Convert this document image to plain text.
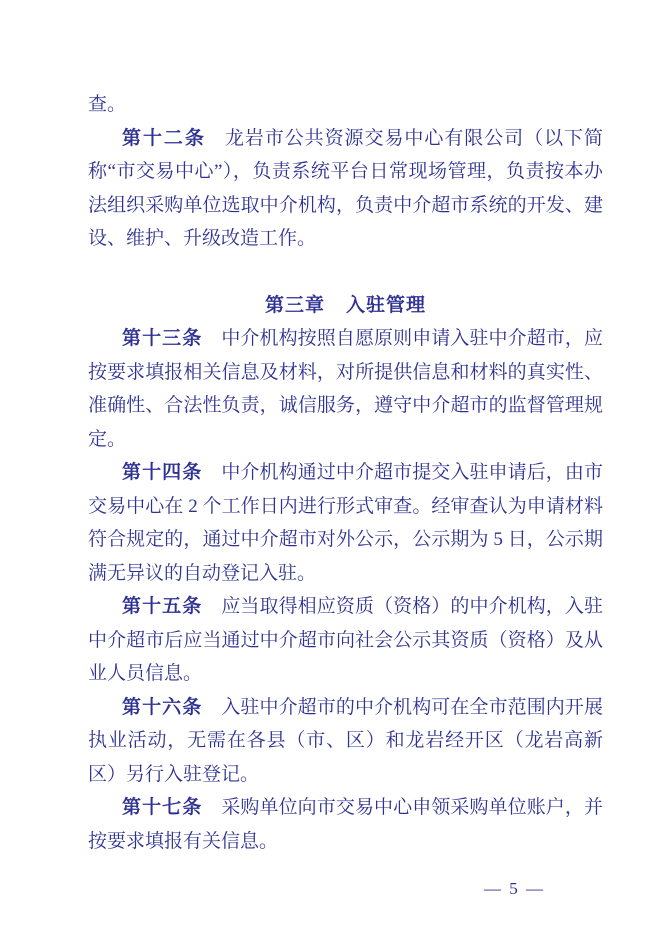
查。

第十二条 龙岩市公共资源交易中心有限公司（以下简称“市交易中心”），负责系统平台日常现场管理，负责按本办法组织采购单位选取中介机构，负责中介超市系统的开发、建设、维护、升级改造工作。

第三章 入驻管理

第十三条 中介机构按照自愿原则申请入驻中介超市，应按要求填报相关信息及材料，对所提供信息和材料的真实性、准确性、合法性负责，诚信服务，遵守中介超市的监督管理规定。

第十四条 中介机构通过中介超市提交入驻申请后，由市交易中心在 2 个工作日内进行形式审查。经审查认为申请材料符合规定的，通过中介超市对外公示，公示期为 5 日，公示期满无异议的自动登记入驻。

第十五条 应当取得相应资质（资格）的中介机构，入驻中介超市后应当通过中介超市向社会公示其资质（资格）及从业人员信息。

第十六条 入驻中介超市的中介机构可在全市范围内开展执业活动，无需在各县（市、区）和龙岩经开区（龙岩高新区）另行入驻登记。

第十七条 采购单位向市交易中心申领采购单位账户，并按要求填报有关信息。

— 5 —
